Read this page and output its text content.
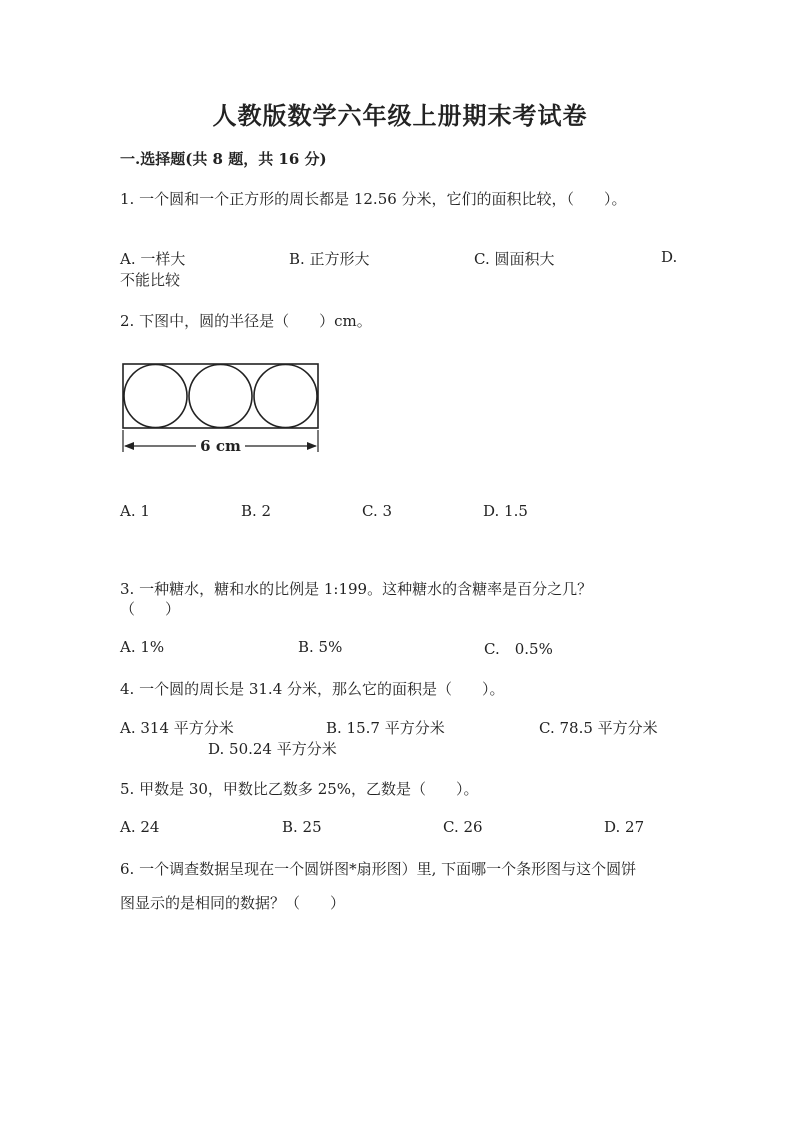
人教版数学六年级上册期末考试卷
一.选择题(共 8 题，共 16 分)
1. 一个圆和一个正方形的周长都是 12.56 分米，它们的面积比较，（　　）。
A. 一样大	B. 正方形大	C. 圆面积大	D.
不能比较
2. 下图中，圆的半径是（　　）cm。
6 cm
A. 1	B. 2	C. 3	D. 1.5
3. 一种糖水，糖和水的比例是 1:199。这种糖水的含糖率是百分之几？
（　　）
A. 1%	B. 5%	C.　0.5%
4. 一个圆的周长是 31.4 分米，那么它的面积是（　　）。
A. 314 平方分米	B. 15.7 平方分米	C. 78.5 平方分米
D. 50.24 平方分米
5. 甲数是 30，甲数比乙数多 25%，乙数是（　　）。
A. 24	B. 25	C. 26	D. 27
6. 一个调查数据呈现在一个圆饼图*扇形图）里, 下面哪一个条形图与这个圆饼
图显示的是相同的数据？（　　）
